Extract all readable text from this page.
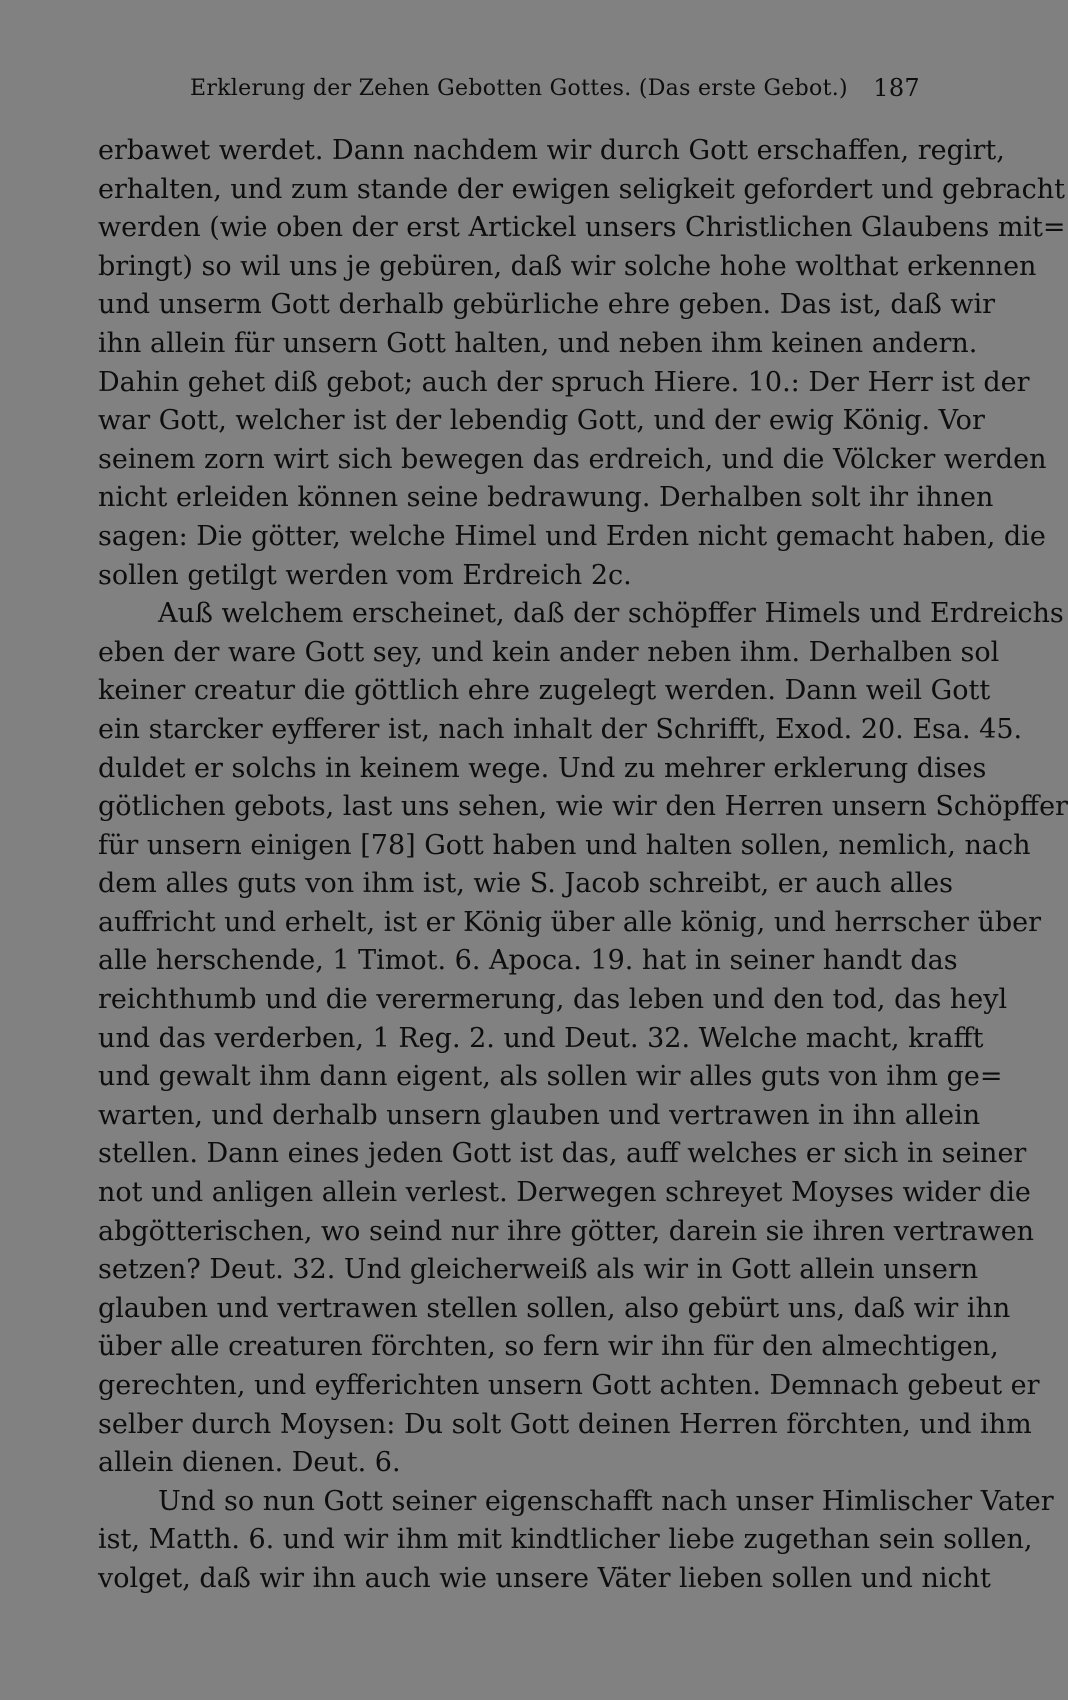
Erklerung der Zehen Gebotten Gottes. (Das erste Gebot.) 187

erbawet werdet. Dann nachdem wir durch Gott erschaffen, regirt,
erhalten, und zum stande der ewigen seligkeit gefordert und gebracht
werden (wie oben der erst Artickel unsers Christlichen Glaubens mit=
bringt) so wil uns je gebüren, daß wir solche hohe wolthat erkennen
und unserm Gott derhalb gebürliche ehre geben. Das ist, daß wir
ihn allein für unsern Gott halten, und neben ihm keinen andern.
Dahin gehet diß gebot; auch der spruch Hiere. 10.: Der Herr ist der
war Gott, welcher ist der lebendig Gott, und der ewig König. Vor
seinem zorn wirt sich bewegen das erdreich, und die Völcker werden
nicht erleiden können seine bedrawung. Derhalben solt ihr ihnen
sagen: Die götter, welche Himel und Erden nicht gemacht haben, die
sollen getilgt werden vom Erdreich 2c.

Auß welchem erscheinet, daß der schöpffer Himels und Erdreichs
eben der ware Gott sey, und kein ander neben ihm. Derhalben sol
keiner creatur die göttlich ehre zugelegt werden. Dann weil Gott
ein starcker eyfferer ist, nach inhalt der Schrifft, Exod. 20. Esa. 45.
duldet er solchs in keinem wege. Und zu mehrer erklerung dises
götlichen gebots, last uns sehen, wie wir den Herren unsern Schöpffer
für unsern einigen [78] Gott haben und halten sollen, nemlich, nach
dem alles guts von ihm ist, wie S. Jacob schreibt, er auch alles
auffricht und erhelt, ist er König über alle könig, und herrscher über
alle herschende, 1 Timot. 6. Apoca. 19. hat in seiner handt das
reichthumb und die verermerung, das leben und den tod, das heyl
und das verderben, 1 Reg. 2. und Deut. 32. Welche macht, krafft
und gewalt ihm dann eigent, als sollen wir alles guts von ihm ge=
warten, und derhalb unsern glauben und vertrawen in ihn allein
stellen. Dann eines jeden Gott ist das, auff welches er sich in seiner
not und anligen allein verlest. Derwegen schreyet Moyses wider die
abgötterischen, wo seind nur ihre götter, darein sie ihren vertrawen
setzen? Deut. 32. Und gleicherweiß als wir in Gott allein unsern
glauben und vertrawen stellen sollen, also gebürt uns, daß wir ihn
über alle creaturen förchten, so fern wir ihn für den almechtigen,
gerechten, und eyfferichten unsern Gott achten. Demnach gebeut er
selber durch Moysen: Du solt Gott deinen Herren förchten, und ihm
allein dienen. Deut. 6.

Und so nun Gott seiner eigenschafft nach unser Himlischer Vater
ist, Matth. 6. und wir ihm mit kindtlicher liebe zugethan sein sollen,
volget, daß wir ihn auch wie unsere Väter lieben sollen und nicht
